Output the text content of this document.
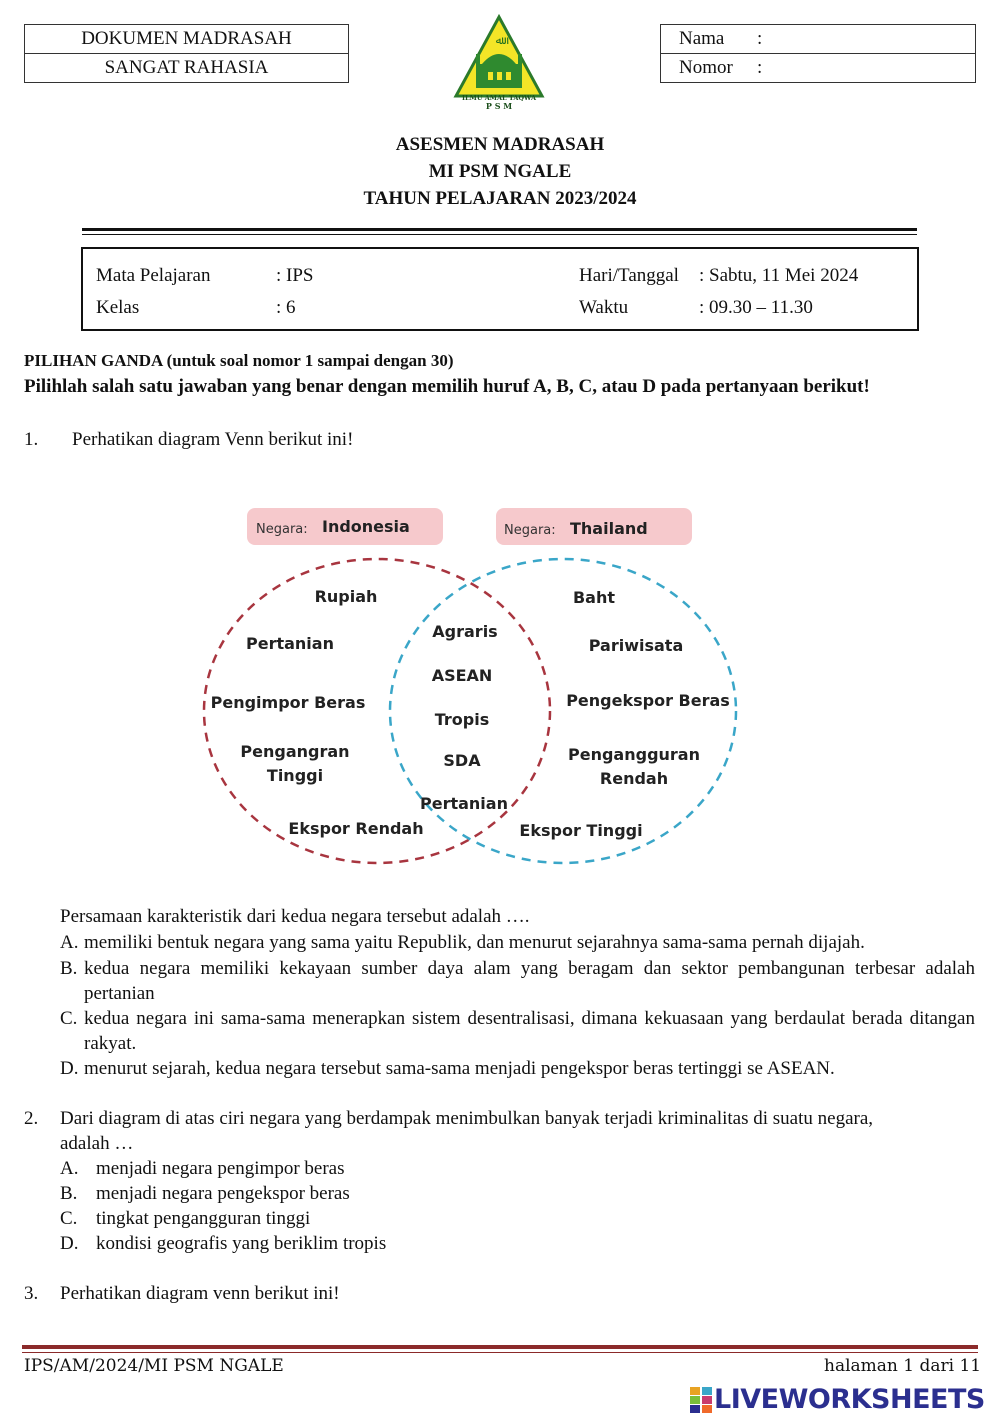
DOKUMEN MADRASAH
SANGAT RAHASIA
Nama	:
Nomor	:
ﷲ
ILMU AMAL TAQWA
P S M
ASESMEN MADRASAH
MI PSM NGALE
TAHUN PELAJARAN 2023/2024
Mata Pelajaran	: IPS
Kelas	: 6
Hari/Tanggal : Sabtu, 11 Mei 2024
Waktu	: 09.30 – 11.30
PILIHAN GANDA (untuk soal nomor 1 sampai dengan 30)
Pilihlah salah satu jawaban yang benar dengan memilih huruf A, B, C, atau D pada pertanyaan berikut!
1. Perhatikan diagram Venn berikut ini!
Negara: Indonesia	Negara: Thailand
Rupiah
Pertanian
Pengimpor Beras
Pengangran
Tinggi
Ekspor Rendah
Agraris
ASEAN
Tropis
SDA
Pertanian
Baht
Pariwisata
Pengekspor Beras
Pengangguran
Rendah
Ekspor Tinggi
Persamaan karakteristik dari kedua negara tersebut adalah ….
A. memiliki bentuk negara yang sama yaitu Republik, dan menurut sejarahnya sama-sama pernah dijajah.
B. kedua negara memiliki kekayaan sumber daya alam yang beragam dan sektor pembangunan terbesar adalah pertanian
C. kedua negara ini sama-sama menerapkan sistem desentralisasi, dimana kekuasaan yang berdaulat berada ditangan rakyat.
D. menurut sejarah, kedua negara tersebut sama-sama menjadi pengekspor beras tertinggi se ASEAN.
2. Dari diagram di atas ciri negara yang berdampak menimbulkan banyak terjadi kriminalitas di suatu negara,
adalah …
A. menjadi negara pengimpor beras
B. menjadi negara pengekspor beras
C. tingkat pengangguran tinggi
D. kondisi geografis yang beriklim tropis
3. Perhatikan diagram venn berikut ini!
IPS/AM/2024/MI PSM NGALE	halaman 1 dari 11
LIVEWORKSHEETS
